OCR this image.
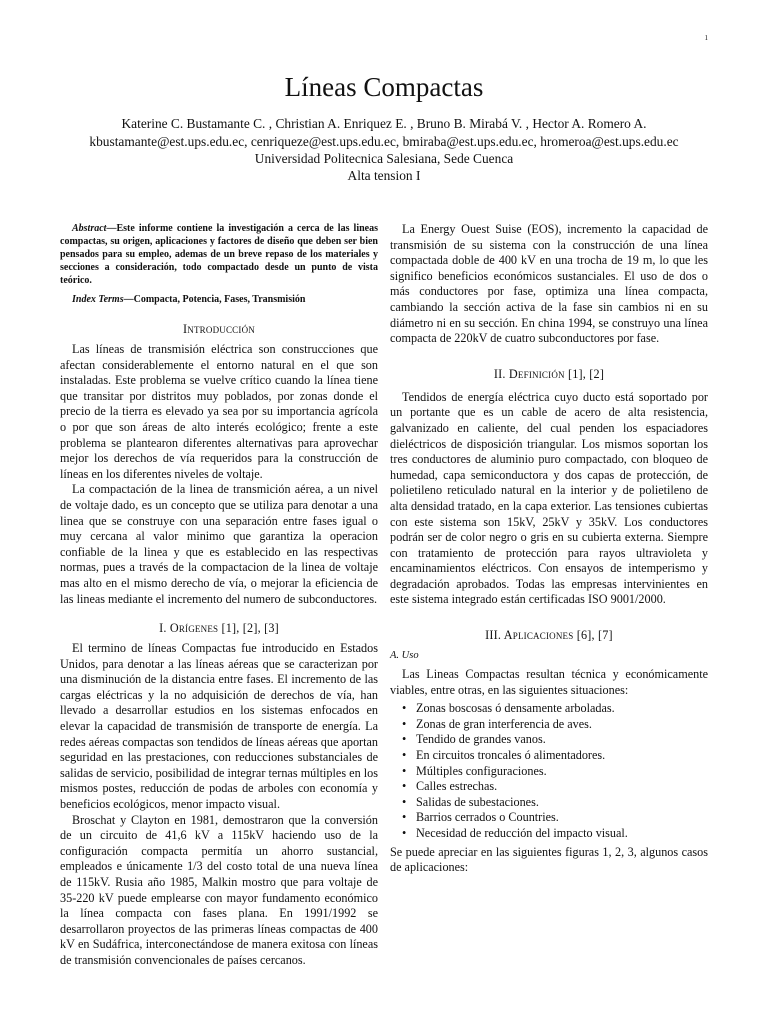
1
Líneas Compactas
Katerine C. Bustamante C. , Christian A. Enriquez E. , Bruno B. Mirabá V. , Hector A. Romero A.
kbustamante@est.ups.edu.ec, cenriqueze@est.ups.edu.ec, bmiraba@est.ups.edu.ec, hromeroa@est.ups.edu.ec
Universidad Politecnica Salesiana, Sede Cuenca
Alta tension I

Abstract—Este informe contiene la investigación a cerca de las lineas compactas, su origen, aplicaciones y factores de diseño que deben ser bien pensados para su empleo, ademas de un breve repaso de los materiales y secciones a consideración, todo compactado desde un punto de vista teórico.

Index Terms—Compacta, Potencia, Fases, Transmisión

Introducción

Las líneas de transmisión eléctrica son construcciones que afectan considerablemente el entorno natural en el que son instaladas. Este problema se vuelve crítico cuando la línea tiene que transitar por distritos muy poblados, por zonas donde el precio de la tierra es elevado ya sea por su importancia agrícola o por que son áreas de alto interés ecológico; frente a este problema se plantearon diferentes alternativas para aprovechar mejor los derechos de vía requeridos para la construcción de líneas en los diferentes niveles de voltaje.

La compactación de la linea de transmición aérea, a un nivel de voltaje dado, es un concepto que se utiliza para denotar a una linea que se construye con una separación entre fases igual o muy cercana al valor minimo que garantiza la operacion confiable de la linea y que es establecido en las respectivas normas, pues a través de la compactacion de la linea de voltaje mas alto en el mismo derecho de vía, o mejorar la eficiencia de las lineas mediante el incremento del numero de subconductores.

I. Orígenes [1], [2], [3]

El termino de líneas Compactas fue introducido en Estados Unidos, para denotar a las líneas aéreas que se caracterizan por una disminución de la distancia entre fases. El incremento de las cargas eléctricas y la no adquisición de derechos de vía, han llevado a desarrollar estudios en los sistemas enfocados en elevar la capacidad de transmisión de transporte de energía. La redes aéreas compactas son tendidos de líneas aéreas que aportan seguridad en las prestaciones, con reducciones substanciales de salidas de servicio, posibilidad de integrar ternas múltiples en los mismos postes, reducción de podas de arboles con economía y beneficios ecológicos, menor impacto visual.

Broschat y Clayton en 1981, demostraron que la conversión de un circuito de 41,6 kV a 115kV haciendo uso de la configuración compacta permitía un ahorro sustancial, empleados e únicamente 1/3 del costo total de una nueva línea de 115kV. Rusia año 1985, Malkin mostro que para voltaje de 35-220 kV puede emplearse con mayor fundamento económico la línea compacta con fases plana. En 1991/1992 se desarrollaron proyectos de las primeras líneas compactas de 400 kV en Sudáfrica, interconectándose de manera exitosa con líneas de transmisión convencionales de países cercanos.

La Energy Ouest Suise (EOS), incremento la capacidad de transmisión de su sistema con la construcción de una línea compactada doble de 400 kV en una trocha de 19 m, lo que les significo beneficios económicos sustanciales. El uso de dos o más conductores por fase, optimiza una línea compacta, cambiando la sección activa de la fase sin cambios ni en su diámetro ni en su sección. En china 1994, se construyo una línea compacta de 220kV de cuatro subconductores por fase.

II. Definición [1], [2]

Tendidos de energía eléctrica cuyo ducto está soportado por un portante que es un cable de acero de alta resistencia, galvanizado en caliente, del cual penden los espaciadores dieléctricos de disposición triangular. Los mismos soportan los tres conductores de aluminio puro compactado, con bloqueo de humedad, capa semiconductora y dos capas de protección, de polietileno reticulado natural en la interior y de polietileno de alta densidad tratado, en la capa exterior. Las tensiones cubiertas con este sistema son 15kV, 25kV y 35kV. Los conductores podrán ser de color negro o gris en su cubierta externa. Siempre con tratamiento de protección para rayos ultravioleta y encaminamientos eléctricos. Con ensayos de intemperismo y degradación aprobados. Todas las empresas intervinientes en este sistema integrado están certificadas ISO 9001/2000.

III. Aplicaciones [6], [7]
A. Uso

Las Lineas Compactas resultan técnica y económicamente viables, entre otras, en las siguientes situaciones:

• Zonas boscosas ó densamente arboladas.
• Zonas de gran interferencia de aves.
• Tendido de grandes vanos.
• En circuitos troncales ó alimentadores.
• Múltiples configuraciones.
• Calles estrechas.
• Salidas de subestaciones.
• Barrios cerrados o Countries.
• Necesidad de reducción del impacto visual.

Se puede apreciar en las siguientes figuras 1, 2, 3, algunos casos de aplicaciones:
